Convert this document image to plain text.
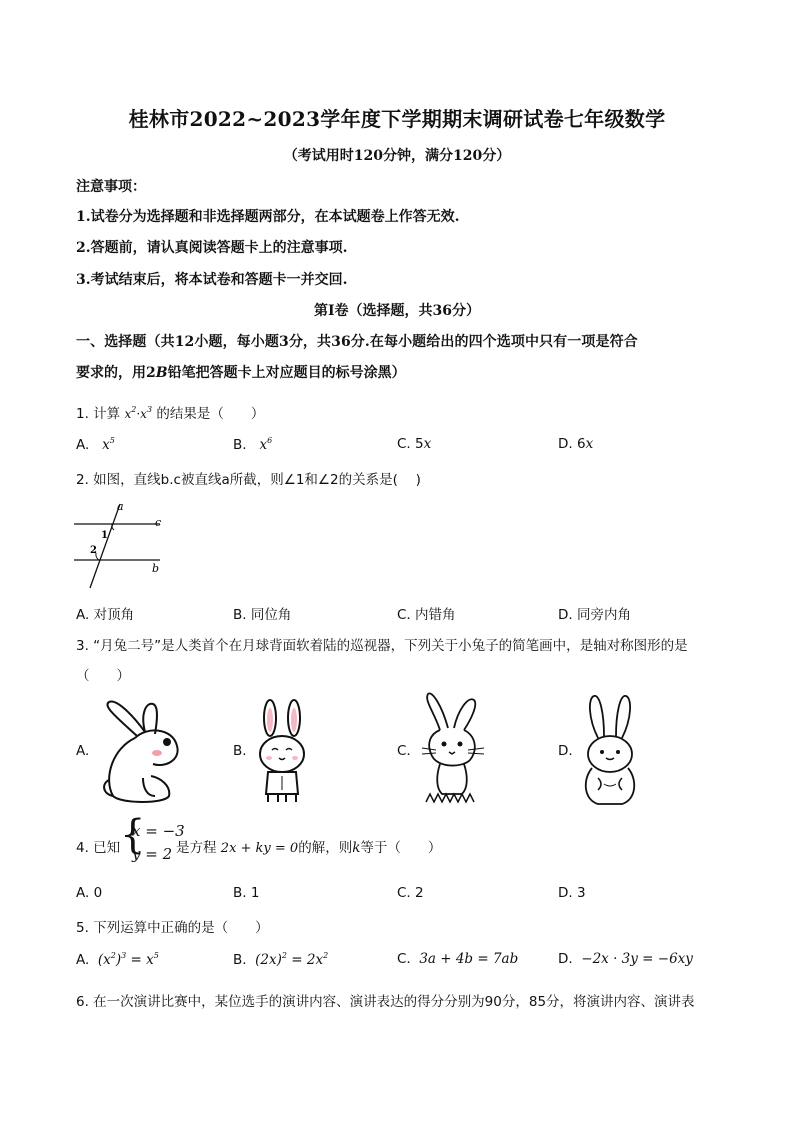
桂林市2022~2023学年度下学期期末调研试卷七年级数学
（考试用时120分钟，满分120分）
注意事项：
1.试卷分为选择题和非选择题两部分，在本试题卷上作答无效.
2.答题前，请认真阅读答题卡上的注意事项.
3.考试结束后，将本试卷和答题卡一并交回.
第Ⅰ卷（选择题，共36分）
一、选择题（共12小题，每小题3分，共36分.在每小题给出的四个选项中只有一项是符合
要求的，用2B铅笔把答题卡上对应题目的标号涂黑）
1. 计算 $x^2\cdot x^3$ 的结果是（　　）
A. $x^5$	B. $x^6$	C. 5x	D. 6x
2. 如图，直线b.c被直线a所截，则∠1和∠2的关系是(　 )
a
c
b
1
2
A. 对顶角	B. 同位角	C. 内错角	D. 同旁内角
3. “月兔二号”是人类首个在月球背面软着陆的巡视器，下列关于小兔子的简笔画中，是轴对称图形的是
（　　）
A.	B.	C.	D.
4. 已知 {
x = −3
y = 2 是方程 2x + ky = 0的解，则k等于（　　）
A. 0	B. 1	C. 2	D. 3
5. 下列运算中正确的是（　　）
A. $(x^2)^3 = x^5$	B. $(2x)^2 = 2x^2$	C. 3a + 4b = 7ab	D. −2x · 3y = −6xy
6. 在一次演讲比赛中，某位选手的演讲内容、演讲表达的得分分别为90分，85分，将演讲内容、演讲表
